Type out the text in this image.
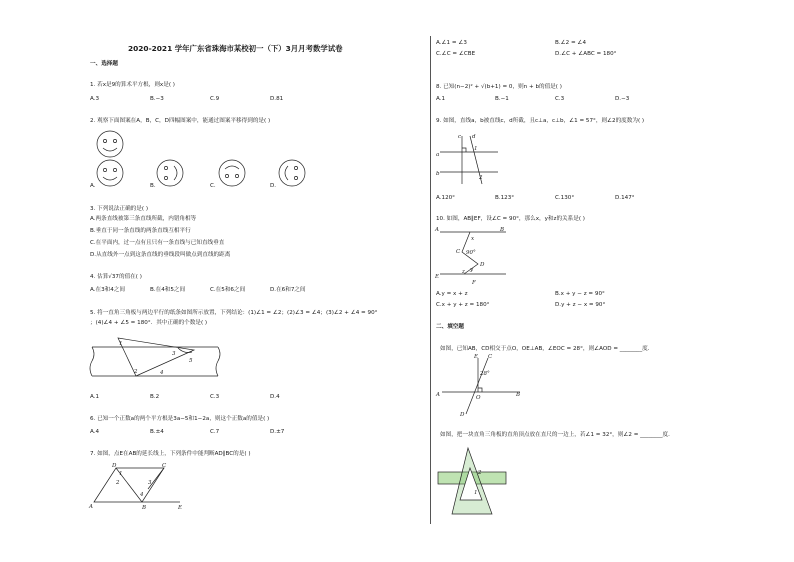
2020-2021 学年广东省珠海市某校初一（下）3月月考数学试卷
一、选择题
1. 若x是9的算术平方根，则x是( )
A.3	B.−3	C.9	D.81
2. 观察下面图案在A，B，C，D四幅图案中，能通过图案平移得到的是( )
A.	B.	C.	D.
3. 下列说法正确的是( )
A.两条直线被第三条直线所截，内错角相等
B.垂直于同一条直线的两条直线互相平行
C.在平面内，过一点有且只有一条直线与已知直线垂直
D.从直线外一点到这条直线的垂线段叫做点到直线的距离
4. 估算√37的值在( )
A.在3和4之间	B.在4和5之间	C.在5和6之间	D.在6和7之间
5. 将一直角三角板与两边平行的纸条如图所示放置，下列结论：(1)∠1 = ∠2；(2)∠3 = ∠4；(3)∠2 + ∠4 = 90°
；(4)∠4 + ∠5 = 180°．其中正确的个数是( )
1
2
3
4
5
A.1	B.2	C.3	D.4
6. 已知一个正数a的两个平方根是3a−5和1−2a，则这个正数a的值是( )
A.4	B.±4	C.7	D.±7
7. 如图，点E在AB的延长线上，下列条件中能判断AD∥BC的是( )
D	C
1
2	3
4
A	B	E
A.∠1 = ∠3	B.∠2 = ∠4
C.∠C = ∠CBE	D.∠C + ∠ABC = 180°
8. 已知(n−2)² + √(b+1) = 0，则n + b的值是( )
A.1	B.−1	C.3	D.−3
9. 如图，直线a，b被直线c，d所截，且c⊥a，c⊥b，∠1 = 57°，则∠2的度数为( )
c d
a
b
1
2
A.120°	B.123°	C.130°	D.147°
10. 如图，AB∥EF，设∠C = 90°，那么x，y和z的关系是( )
A	B
C
D
E
F
x
y
z
90°
A.y = x + z	B.x + y − z = 90°
C.x + y + z = 180°	D.y + z − x = 90°
二、填空题
如图，已知AB，CD相交于点O，OE⊥AB，∠EOC = 28°，则∠AOD = ________度．
E C
28°
A	O	B
D
如图，把一块直角三角板的直角顶点放在直尺的一边上，若∠1 = 32°，则∠2 = ________度．
2
1
